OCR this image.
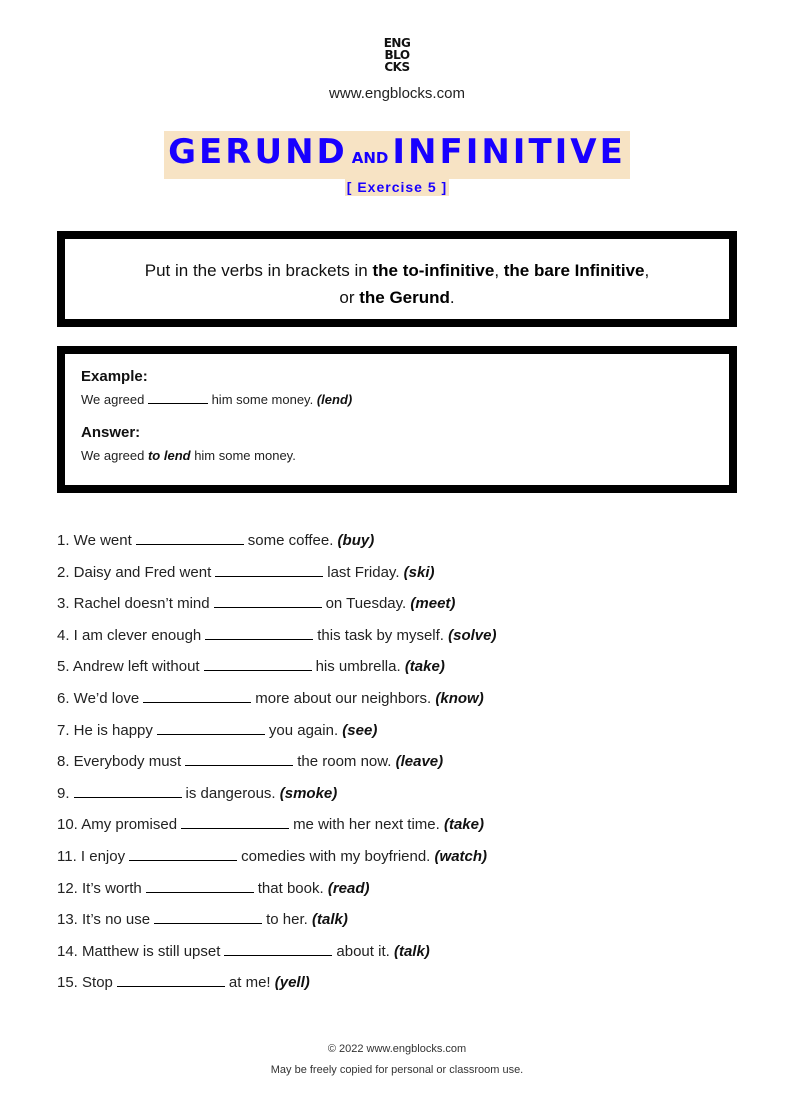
ENG
BLO
CKS
www.engblocks.com
GERUND AND INFINITIVE
[ Exercise 5 ]
Put in the verbs in brackets in the to-infinitive, the bare Infinitive,
or the Gerund.
Example:
We agreed	him some money. (lend)
Answer:
We agreed to lend him some money.
1. We went	some coffee. (buy)
2. Daisy and Fred went	last Friday. (ski)
3. Rachel doesn’t mind	on Tuesday. (meet)
4. I am clever enough	this task by myself. (solve)
5. Andrew left without	his umbrella. (take)
6. We’d love	more about our neighbors. (know)
7. He is happy	you again. (see)
8. Everybody must	the room now. (leave)
9.	is dangerous. (smoke)
10. Amy promised	me with her next time. (take)
11. I enjoy	comedies with my boyfriend. (watch)
12. It’s worth	that book. (read)
13. It’s no use	to her. (talk)
14. Matthew is still upset	about it. (talk)
15. Stop	at me! (yell)
© 2022 www.engblocks.com
May be freely copied for personal or classroom use.
